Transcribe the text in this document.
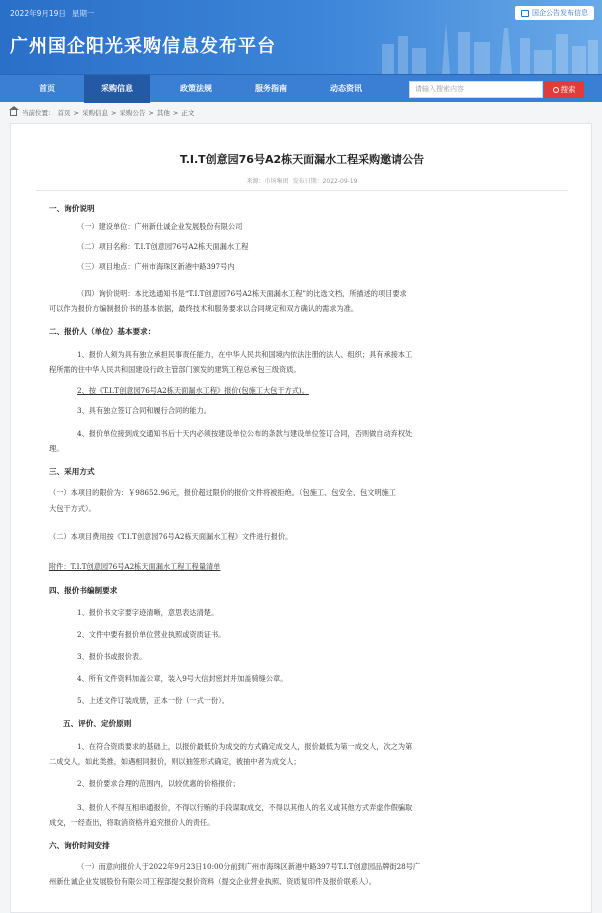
2022年9月19日 星期一
广州国企阳光采购信息发布平台
国企公告发布信息
首页	采购信息	政策法规	服务指南	动态资讯	请输入搜索内容	搜索
当前位置： 首页 > 采购信息 > 采购公告 > 其他 > 正文
T.I.T创意园76号A2栋天面漏水工程采购邀请公告
来源：市场集团 发布日期：2022-09-19
一、询价说明
（一）建设单位：广州新仕诚企业发展股份有限公司
（二）项目名称：T.I.T创意园76号A2栋天面漏水工程
（三）项目地点：广州市海珠区新港中路397号内
（四）询价说明：本比选通知书是“T.I.T创意园76号A2栋天面漏水工程”的比选文档，所描述的项目要求
可以作为报价方编制报价书的基本依据，最终技术和服务要求以合同规定和双方确认的需求为准。
二、报价人（单位）基本要求：
1、报价人须为具有独立承担民事责任能力，在中华人民共和国境内依法注册的法人、组织；具有承接本工
程所需的住中华人民共和国建设行政主管部门颁发的建筑工程总承包三级资质。
2、按《T.I.T创意园76号A2栋天面漏水工程》报价(包施工大包干方式)。
3、具有独立签订合同和履行合同的能力。
4、报价单位接到成交通知书后十天内必须按建设单位公布的条款与建设单位签订合同，否则做自动弃权处
理。
三、采用方式
（一）本项目的限价为：￥98652.96元，报价超过限价的报价文件将被拒绝。（包施工、包安全、包文明施工
大包干方式）。
（二）本项目费用按《T.I.T创意园76号A2栋天面漏水工程》文件进行报价。
附件：T.I.T创意园76号A2栋天面漏水工程工程量清单
四、报价书编制要求
1、报价书文字要字迹清晰，意思表达清楚。
2、文件中要有报价单位营业执照或资质证书。
3、报价书或报价表。
4、所有文件资料加盖公章，装入9号大信封密封并加盖骑缝公章。
5、上述文件订装成册，正本一份（一式一份）。
五、评价、定价原则
1、在符合资质要求的基础上，以报价最低价为成交的方式确定成交人，报价最低为第一成交人，次之为第
二成交人，如此类推，如遇相同报价，则以抽签形式确定，被抽中者为成交人；
2、报价要求合理的范围内，以较优惠的价格报价；
3、报价人不得互相串通报价，不得以行贿的手段谋取成交，不得以其他人的名义或其他方式弄虚作假骗取
成交，一经查出，将取消资格并追究报价人的责任。
六、询价时间安排
（一）而意向报价人于2022年9月23日10:00分前到广州市海珠区新港中路397号T.I.T创意园品牌街28号广
州新仕诚企业发展股份有限公司工程部提交报价资料（提交企业营业执照、资质复印件及报价联系人）。
